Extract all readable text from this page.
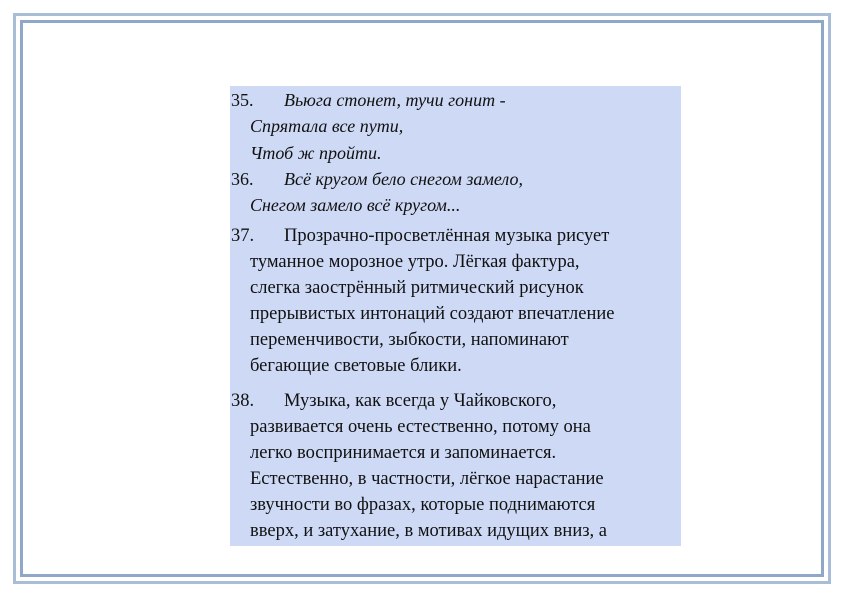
35. Вьюга стонет, тучи гонит -
Спрятала все пути,
Чтоб ж пройти.
36. Всё кругом бело снегом замело,
Снегом замело всё кругом...
37. Прозрачно-просветлённая музыка рисует
туманное морозное утро. Лёгкая фактура,
слегка заострённый ритмический рисунок
прерывистых интонаций создают впечатление
переменчивости, зыбкости, напоминают
бегающие световые блики.
38. Музыка, как всегда у Чайковского,
развивается очень естественно, потому она
легко воспринимается и запоминается.
Естественно, в частности, лёгкое нарастание
звучности во фразах, которые поднимаются
вверх, и затухание, в мотивах идущих вниз, а
